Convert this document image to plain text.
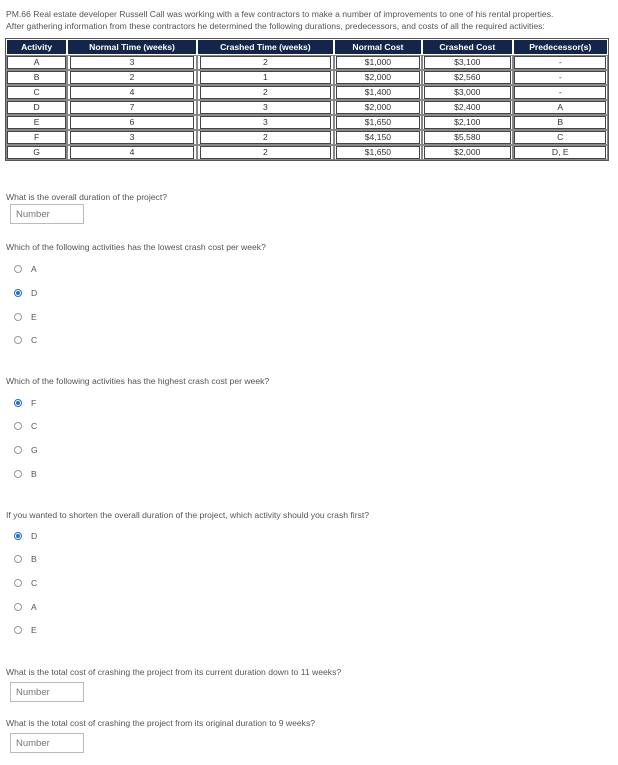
PM.66 Real estate developer Russell Call was working with a few contractors to make a number of improvements to one of his rental properties.
After gathering information from these contractors he determined the following durations, predecessors, and costs of all the required activities:
Activity	Normal Time (weeks)	Crashed Time (weeks)	Normal Cost	Crashed Cost	Predecessor(s)
A	3	2	$1,000	$3,100	-
B	2	1	$2,000	$2,560	-
C	4	2	$1,400	$3,000	-
D	7	3	$2,000	$2,400	A
E	6	3	$1,650	$2,100	B
F	3	2	$4,150	$5,580	C
G	4	2	$1,650	$2,000	D, E
What is the overall duration of the project?
Number
Which of the following activities has the lowest crash cost per week?
A
D
E
C
Which of the following activities has the highest crash cost per week?
F
C
G
B
If you wanted to shorten the overall duration of the project, which activity should you crash first?
D
B
C
A
E
What is the total cost of crashing the project from its current duration down to 11 weeks?
Number
What is the total cost of crashing the project from its original duration to 9 weeks?
Number
